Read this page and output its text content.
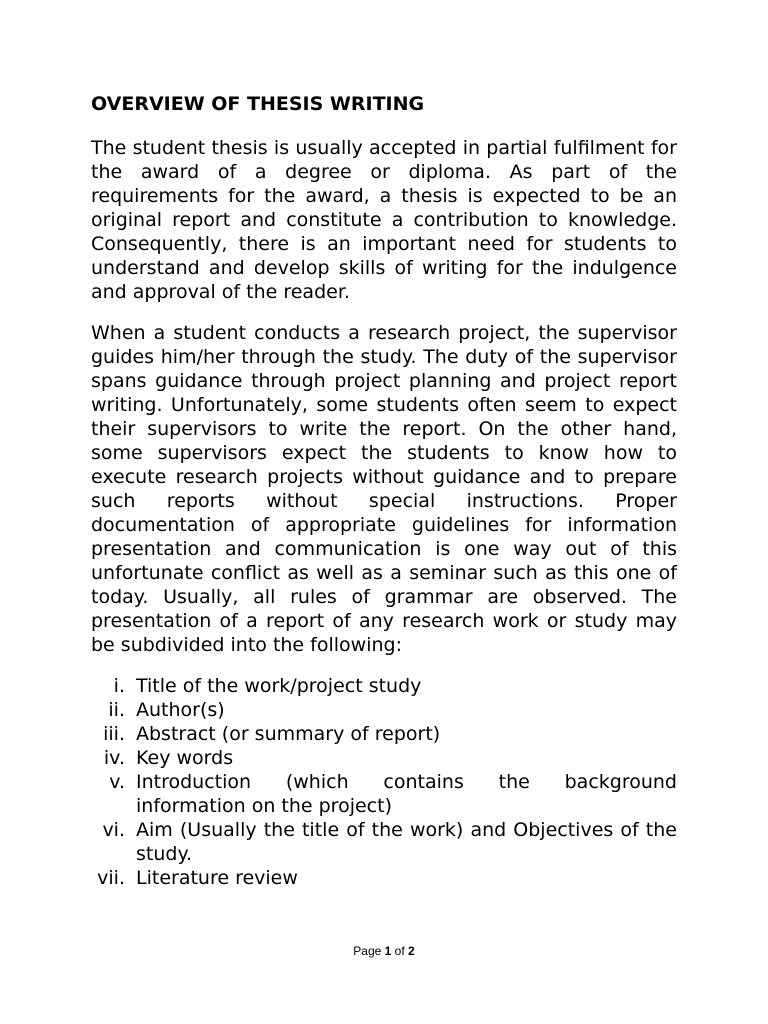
OVERVIEW OF THESIS WRITING

The student thesis is usually accepted in partial fulfilment for the award of a degree or diploma. As part of the requirements for the award, a thesis is expected to be an original report and constitute a contribution to knowledge. Consequently, there is an important need for students to understand and develop skills of writing for the indulgence and approval of the reader.

When a student conducts a research project, the supervisor guides him/her through the study. The duty of the supervisor spans guidance through project planning and project report writing. Unfortunately, some students often seem to expect their supervisors to write the report. On the other hand, some supervisors expect the students to know how to execute research projects without guidance and to prepare such reports without special instructions. Proper documentation of appropriate guidelines for information presentation and communication is one way out of this unfortunate conflict as well as a seminar such as this one of today. Usually, all rules of grammar are observed. The presentation of a report of any research work or study may be subdivided into the following:

i. Title of the work/project study
ii. Author(s)
iii. Abstract (or summary of report)
iv. Key words
v. Introduction (which contains the background information on the project)
vi. Aim (Usually the title of the work) and Objectives of the study.
vii. Literature review
Page 1 of 2
